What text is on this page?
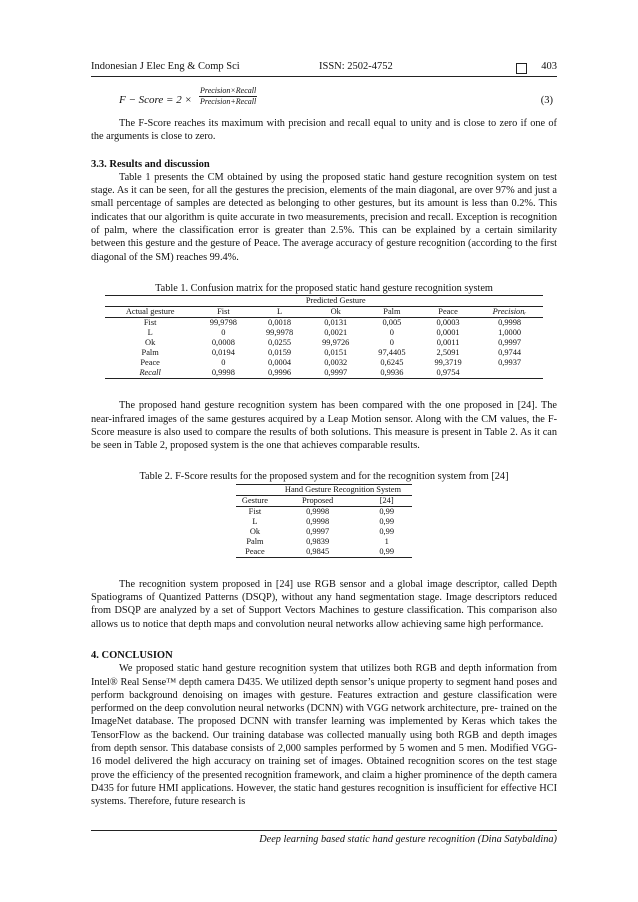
Indonesian J Elec Eng & Comp Sci	ISSN: 2502-4752	403
F − Score = 2 ×
Precision×Recall
Precision+Recall	(3)

The F-Score reaches its maximum with precision and recall equal to unity and is close to zero if one of the arguments is close to zero.

3.3. Results and discussion

Table 1 presents the CM obtained by using the proposed static hand gesture recognition system on test stage. As it can be seen, for all the gestures the precision, elements of the main diagonal, are over 97% and just a small percentage of samples are detected as belonging to other gestures, but its amount is less than 0.2%. This indicates that our algorithm is quite accurate in two measurements, precision and recall. Exception is recognition of palm, where the classification error is greater than 2.5%. This can be explained by a certain similarity between this gesture and the gesture of Peace. The average accuracy of gesture recognition (according to the first diagonal of the SM) reaches 99.4%.

Table 1. Confusion matrix for the proposed static hand gesture recognition system

	Predicted Gesture					
Actual gesture	Fist	L	Ok	Palm	Peace	Precisionᵣ
Fist	99,9798	0,0018	0,0131	0,005	0,0003	0,9998
L	0	99,9978	0,0021	0	0,0001	1,0000
Ok	0,0008	0,0255	99,9726	0	0,0011	0,9997
Palm	0,0194	0,0159	0,0151	97,4405	2,5091	0,9744
Peace	0	0,0004	0,0032	0,6245	99,3719	0,9937
Recall	0,9998	0,9996	0,9997	0,9936	0,9754	

The proposed hand gesture recognition system has been compared with the one proposed in [24]. The near-infrared images of the same gestures acquired by a Leap Motion sensor. Along with the CM values, the F-Score measure is also used to compare the results of both solutions. This measure is present in Table 2. As it can be seen in Table 2, proposed system is the one that achieves comparable results.

Table 2. F-Score results for the proposed system and for the recognition system from [24]

	Hand Gesture Recognition System	
Gesture	Proposed	[24]
Fist	0,9998	0,99
L	0,9998	0,99
Ok	0,9997	0,99
Palm	0,9839	1
Peace	0,9845	0,99

The recognition system proposed in [24] use RGB sensor and a global image descriptor, called Depth Spatiograms of Quantized Patterns (DSQP), without any hand segmentation stage. Image descriptors reduced from DSQP are analyzed by a set of Support Vectors Machines to gesture classification. This comparison also allows us to notice that depth maps and convolution neural networks allow achieving same high performance.

4. CONCLUSION

We proposed static hand gesture recognition system that utilizes both RGB and depth information from Intel® Real Sense™ depth camera D435. We utilized depth sensor’s unique property to segment hand poses and perform background denoising on images with gesture. Features extraction and gesture classification were performed on the deep convolution neural networks (DCNN) with VGG network architecture, pre- trained on the ImageNet database. The proposed DCNN with transfer learning was implemented by Keras which takes the TensorFlow as the backend. Our training database was collected manually using both RGB and depth images from depth sensor. This database consists of 2,000 samples performed by 5 women and 5 men. Modified VGG-16 model delivered the high accuracy on training set of images. Obtained recognition scores on the test stage prove the efficiency of the presented recognition framework, and claim a higher prominence of the depth camera D435 for future HMI applications. However, the static hand gestures recognition is insufficient for effective HCI systems. Therefore, future research is

Deep learning based static hand gesture recognition (Dina Satybaldina)
